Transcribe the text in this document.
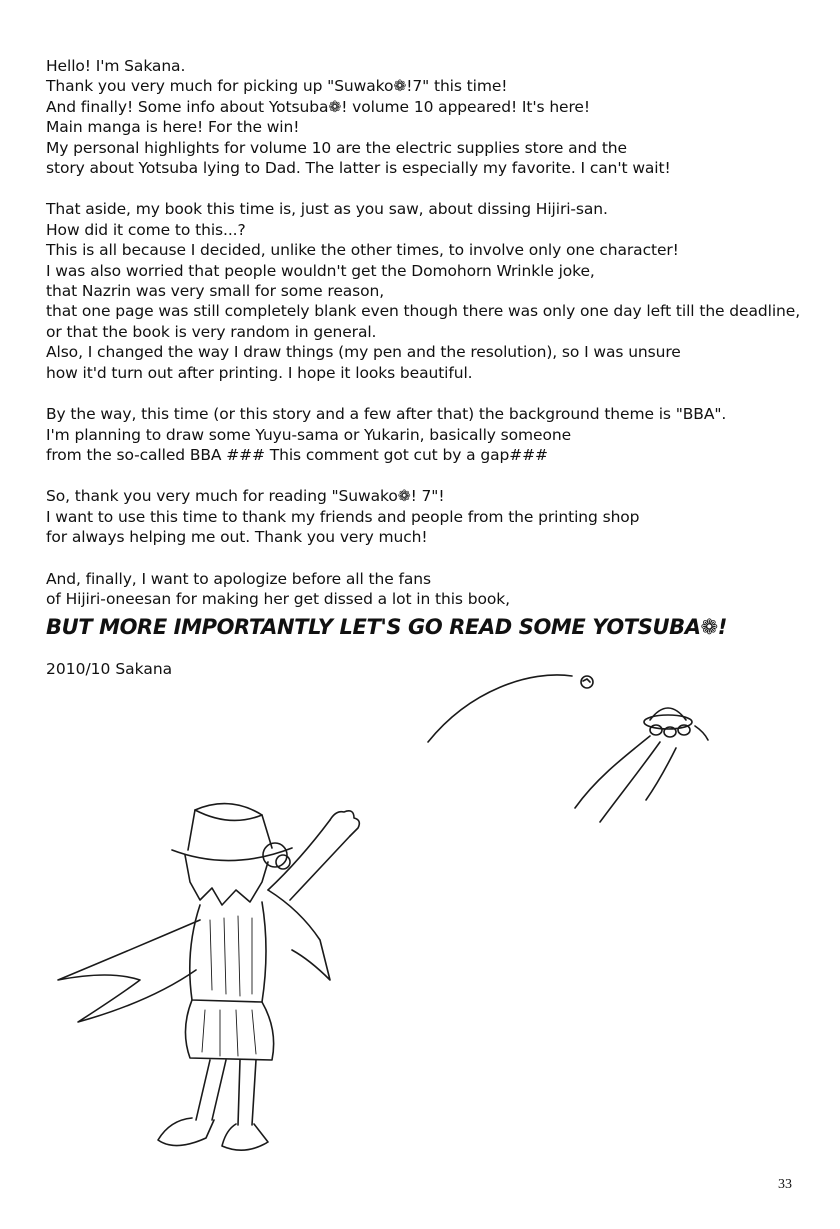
Hello! I'm Sakana.
Thank you very much for picking up "Suwako❁!7" this time!
And finally! Some info about Yotsuba❁! volume 10 appeared! It's here!
Main manga is here! For the win!
My personal highlights for volume 10 are the electric supplies store and the
story about Yotsuba lying to Dad. The latter is especially my favorite. I can't wait!
That aside, my book this time is, just as you saw, about dissing Hijiri-san.
How did it come to this...?
This is all because I decided, unlike the other times, to involve only one character!
I was also worried that people wouldn't get the Domohorn Wrinkle joke,
that Nazrin was very small for some reason,
that one page was still completely blank even though there was only one day left till the deadline,
or that the book is very random in general.
Also, I changed the way I draw things (my pen and the resolution), so I was unsure
how it'd turn out after printing. I hope it looks beautiful.
By the way, this time (or this story and a few after that) the background theme is "BBA".
I'm planning to draw some Yuyu-sama or Yukarin, basically someone
from the so-called BBA ### This comment got cut by a gap###
So, thank you very much for reading "Suwako❁! 7"!
I want to use this time to thank my friends and people from the printing shop
for always helping me out. Thank you very much!
And, finally, I want to apologize before all the fans
of Hijiri-oneesan for making her get dissed a lot in this book,
BUT MORE IMPORTANTLY LET'S GO READ SOME YOTSUBA❁!
2010/10 Sakana
33
